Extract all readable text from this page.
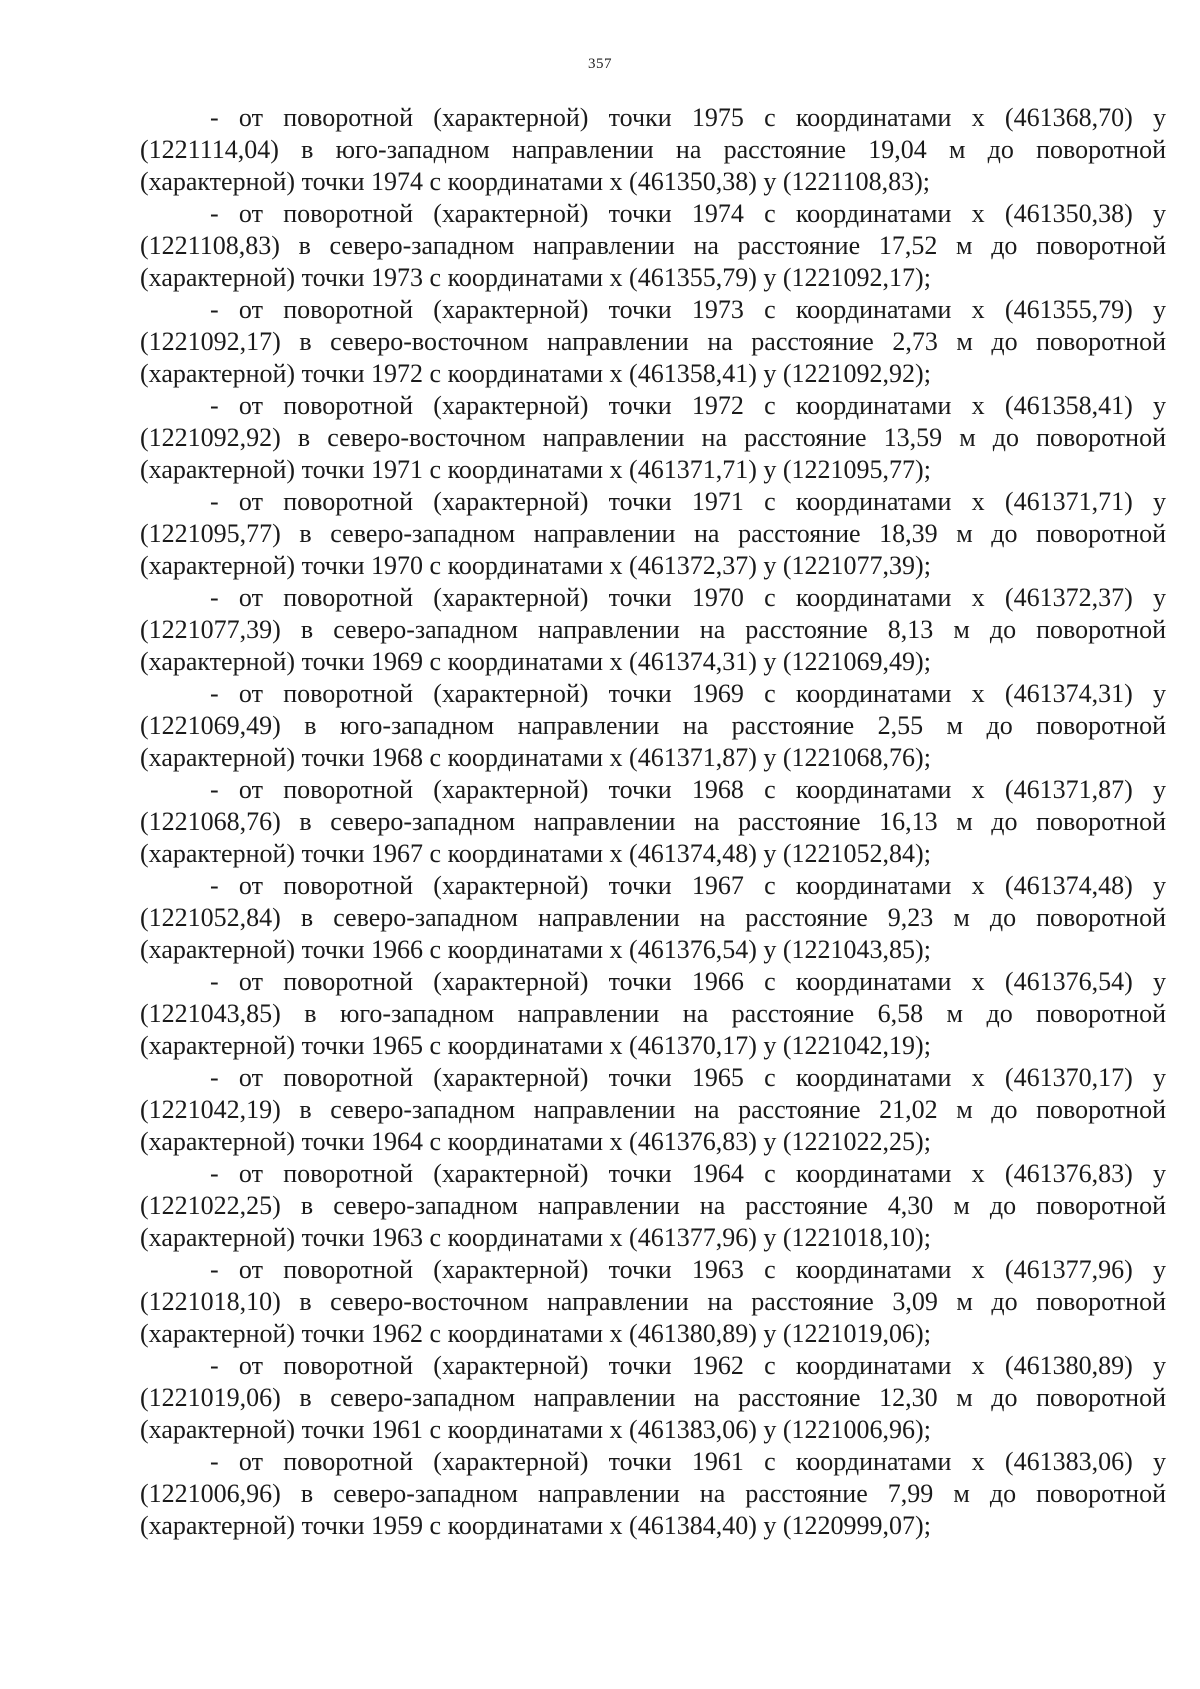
357

- от поворотной (характерной) точки 1975 с координатами x (461368,70) y (1221114,04) в юго-западном направлении на расстояние 19,04 м до поворотной (характерной) точки 1974 с координатами x (461350,38) y (1221108,83);

- от поворотной (характерной) точки 1974 с координатами x (461350,38) y (1221108,83) в северо-западном направлении на расстояние 17,52 м до поворотной (характерной) точки 1973 с координатами x (461355,79) y (1221092,17);

- от поворотной (характерной) точки 1973 с координатами x (461355,79) y (1221092,17) в северо-восточном направлении на расстояние 2,73 м до поворотной (характерной) точки 1972 с координатами x (461358,41) y (1221092,92);

- от поворотной (характерной) точки 1972 с координатами x (461358,41) y (1221092,92) в северо-восточном направлении на расстояние 13,59 м до поворотной (характерной) точки 1971 с координатами x (461371,71) y (1221095,77);

- от поворотной (характерной) точки 1971 с координатами x (461371,71) y (1221095,77) в северо-западном направлении на расстояние 18,39 м до поворотной (характерной) точки 1970 с координатами x (461372,37) y (1221077,39);

- от поворотной (характерной) точки 1970 с координатами x (461372,37) y (1221077,39) в северо-западном направлении на расстояние 8,13 м до поворотной (характерной) точки 1969 с координатами x (461374,31) y (1221069,49);

- от поворотной (характерной) точки 1969 с координатами x (461374,31) y (1221069,49) в юго-западном направлении на расстояние 2,55 м до поворотной (характерной) точки 1968 с координатами x (461371,87) y (1221068,76);

- от поворотной (характерной) точки 1968 с координатами x (461371,87) y (1221068,76) в северо-западном направлении на расстояние 16,13 м до поворотной (характерной) точки 1967 с координатами x (461374,48) y (1221052,84);

- от поворотной (характерной) точки 1967 с координатами x (461374,48) y (1221052,84) в северо-западном направлении на расстояние 9,23 м до поворотной (характерной) точки 1966 с координатами x (461376,54) y (1221043,85);

- от поворотной (характерной) точки 1966 с координатами x (461376,54) y (1221043,85) в юго-западном направлении на расстояние 6,58 м до поворотной (характерной) точки 1965 с координатами x (461370,17) y (1221042,19);

- от поворотной (характерной) точки 1965 с координатами x (461370,17) y (1221042,19) в северо-западном направлении на расстояние 21,02 м до поворотной (характерной) точки 1964 с координатами x (461376,83) y (1221022,25);

- от поворотной (характерной) точки 1964 с координатами x (461376,83) y (1221022,25) в северо-западном направлении на расстояние 4,30 м до поворотной (характерной) точки 1963 с координатами x (461377,96) y (1221018,10);

- от поворотной (характерной) точки 1963 с координатами x (461377,96) y (1221018,10) в северо-восточном направлении на расстояние 3,09 м до поворотной (характерной) точки 1962 с координатами x (461380,89) y (1221019,06);

- от поворотной (характерной) точки 1962 с координатами x (461380,89) y (1221019,06) в северо-западном направлении на расстояние 12,30 м до поворотной (характерной) точки 1961 с координатами x (461383,06) y (1221006,96);

- от поворотной (характерной) точки 1961 с координатами x (461383,06) y (1221006,96) в северо-западном направлении на расстояние 7,99 м до поворотной (характерной) точки 1959 с координатами x (461384,40) y (1220999,07);
